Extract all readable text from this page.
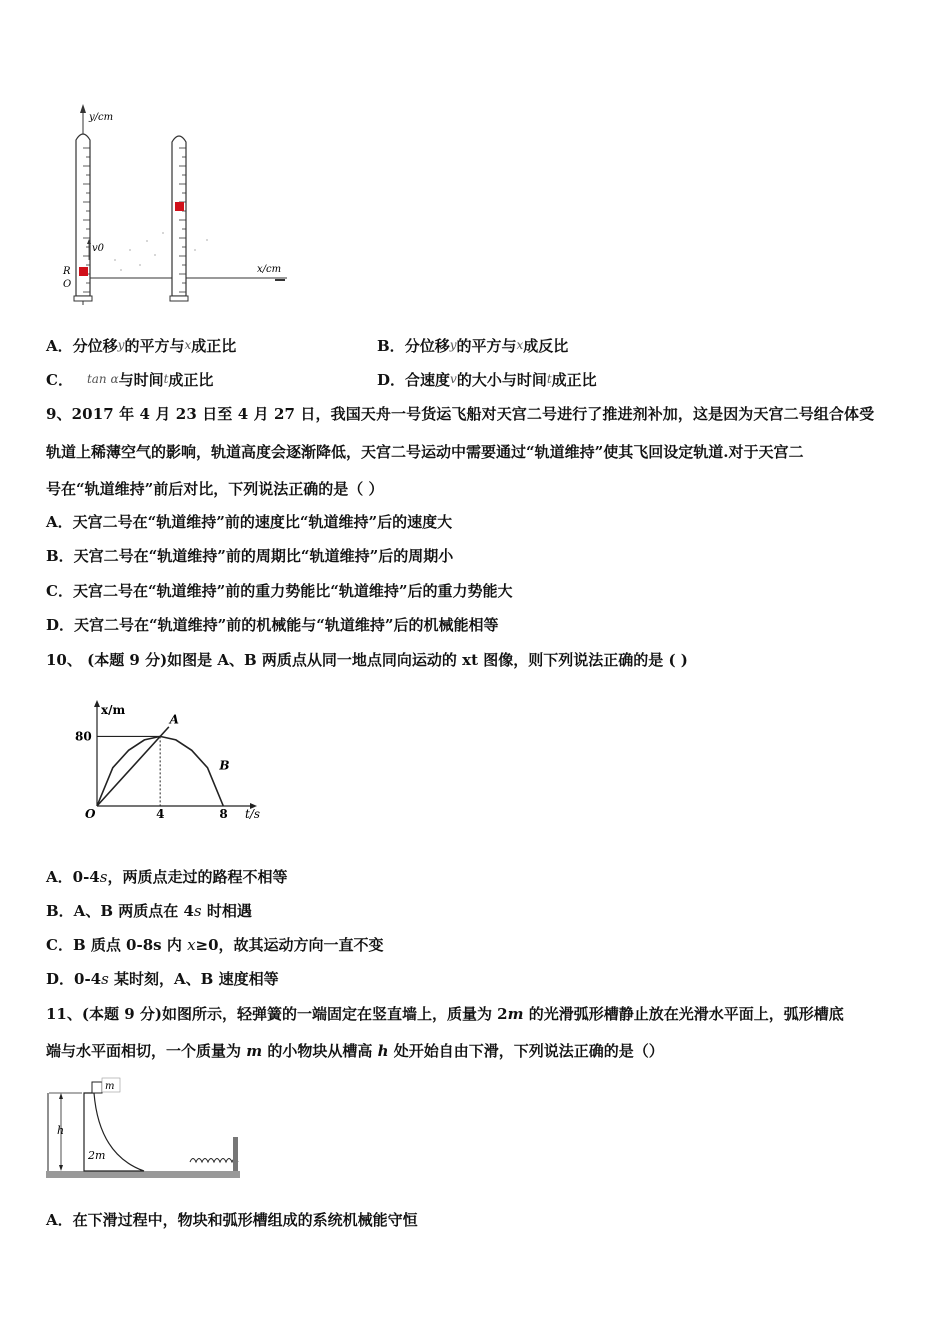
y/cm
x/cm
v0
R
O
A．分位移y的平方与x成正比	B．分位移y的平方与x成反比
C． tan α与时间t成正比	D．合速度v的大小与时间t成正比
9、2017 年 4 月 23 日至 4 月 27 日，我国天舟一号货运飞船对天宫二号进行了推进剂补加，这是因为天宫二号组合体受
轨道上稀薄空气的影响，轨道高度会逐渐降低，天宫二号运动中需要通过“轨道维持”使其飞回设定轨道.对于天宫二
号在“轨道维持”前后对比，下列说法正确的是（ ）
A．天宫二号在“轨道维持”前的速度比“轨道维持”后的速度大
B．天宫二号在“轨道维持”前的周期比“轨道维持”后的周期小
C．天宫二号在“轨道维持”前的重力势能比“轨道维持”后的重力势能大
D．天宫二号在“轨道维持”前的机械能与“轨道维持”后的机械能相等
10、 (本题 9 分)如图是 A、B 两质点从同一地点同向运动的 xt 图像，则下列说法正确的是 ( )
x/m
t/s
O
80
4	8
A
B
A．0-4s，两质点走过的路程不相等
B．A、B 两质点在 4s 时相遇
C．B 质点 0-8s 内 x≥0，故其运动方向一直不变
D．0-4s 某时刻，A、B 速度相等
11、(本题 9 分)如图所示，轻弹簧的一端固定在竖直墙上，质量为 2m 的光滑弧形槽静止放在光滑水平面上，弧形槽底
端与水平面相切，一个质量为 m 的小物块从槽高 h 处开始自由下滑，下列说法正确的是（）
m
h
2m
A．在下滑过程中，物块和弧形槽组成的系统机械能守恒
